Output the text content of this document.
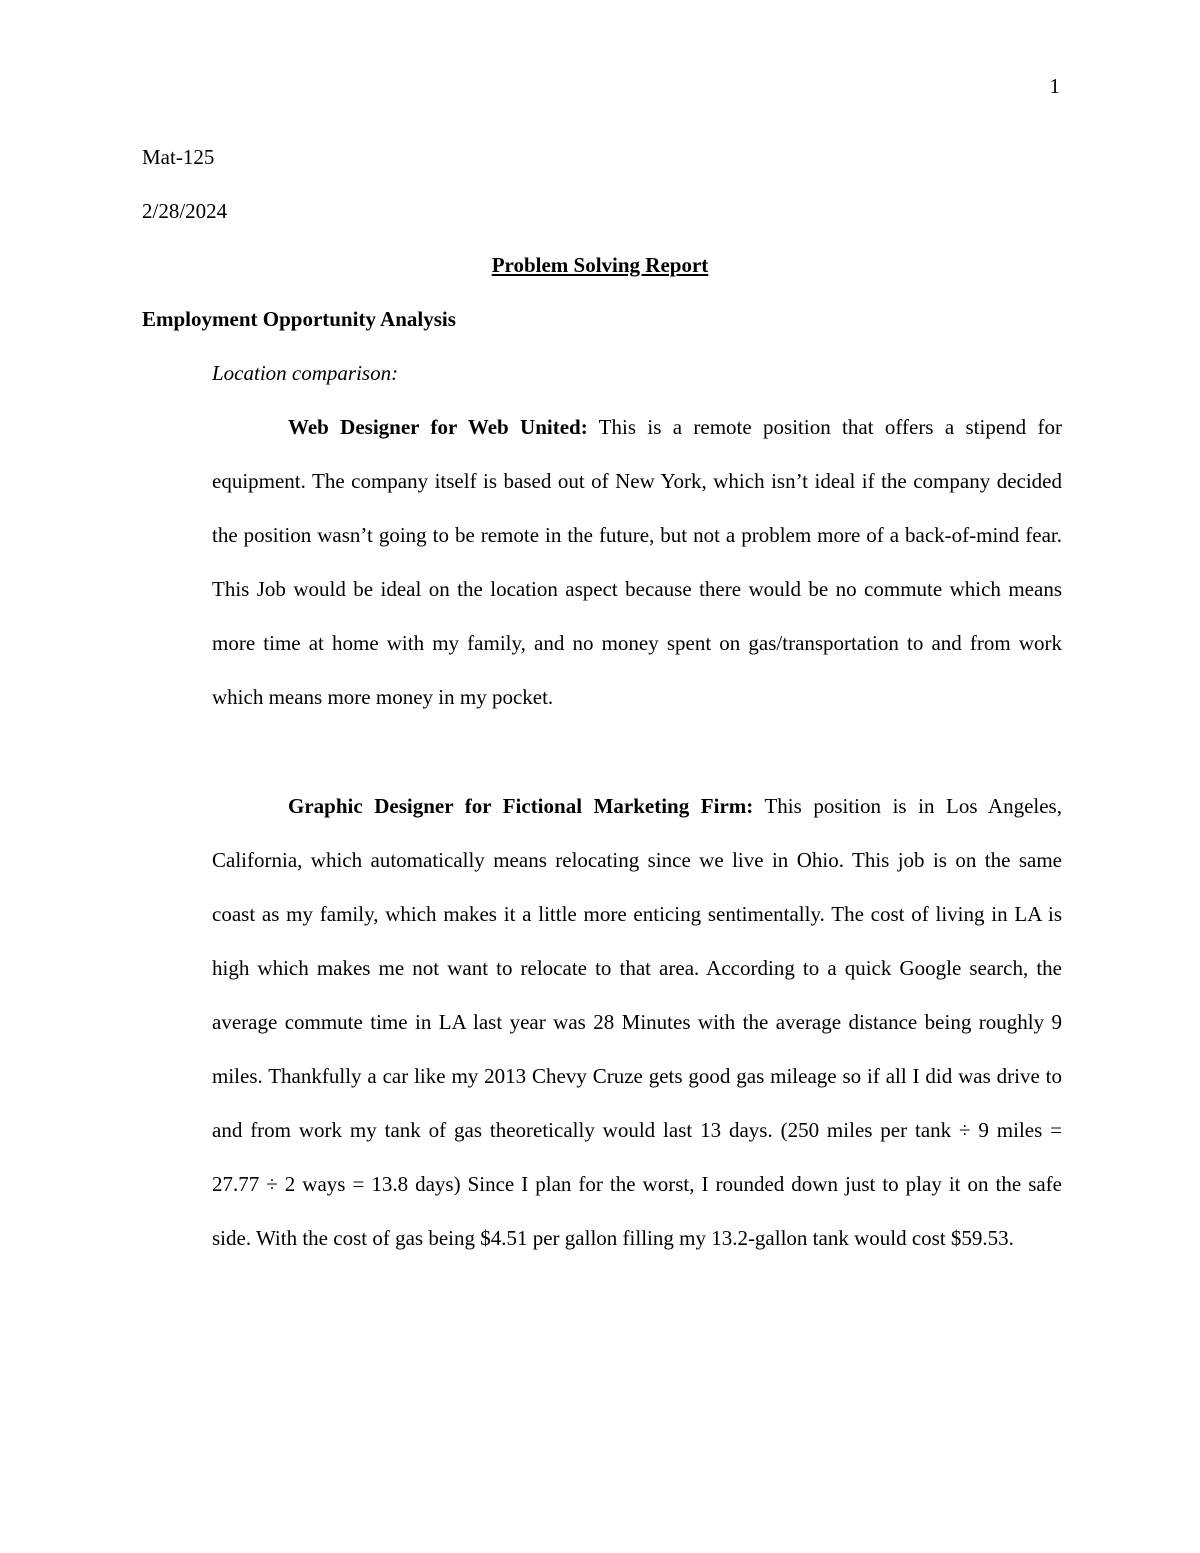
1
Mat-125
2/28/2024
Problem Solving Report
Employment Opportunity Analysis
Location comparison:

Web Designer for Web United: This is a remote position that offers a stipend for equipment. The company itself is based out of New York, which isn’t ideal if the company decided the position wasn’t going to be remote in the future, but not a problem more of a back-of-mind fear. This Job would be ideal on the location aspect because there would be no commute which means more time at home with my family, and no money spent on gas/transportation to and from work which means more money in my pocket.

Graphic Designer for Fictional Marketing Firm: This position is in Los Angeles, California, which automatically means relocating since we live in Ohio. This job is on the same coast as my family, which makes it a little more enticing sentimentally. The cost of living in LA is high which makes me not want to relocate to that area. According to a quick Google search, the average commute time in LA last year was 28 Minutes with the average distance being roughly 9 miles. Thankfully a car like my 2013 Chevy Cruze gets good gas mileage so if all I did was drive to and from work my tank of gas theoretically would last 13 days. (250 miles per tank ÷ 9 miles = 27.77 ÷ 2 ways = 13.8 days) Since I plan for the worst, I rounded down just to play it on the safe side. With the cost of gas being $4.51 per gallon filling my 13.2-gallon tank would cost $59.53.
